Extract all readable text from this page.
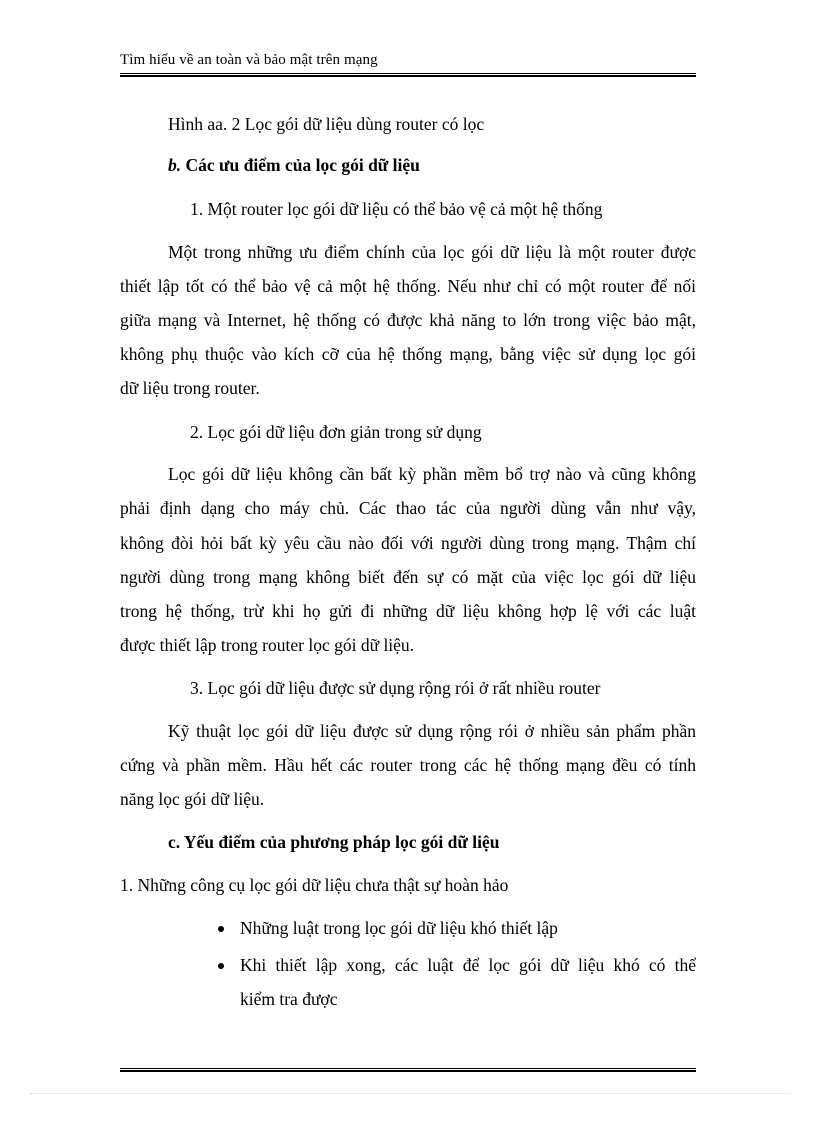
Tìm hiểu về an toàn và bảo mật trên mạng
Hình aa. 2 Lọc gói dữ liệu dùng router có lọc
b. Các ưu điểm của lọc gói dữ liệu
1. Một router lọc gói dữ liệu có thể bảo vệ cả một hệ thống
Một trong những ưu điểm chính của lọc gói dữ liệu là một router được
thiết lập tốt có thể bảo vệ cả một hệ thống. Nếu như chỉ có một router để nối
giữa mạng và Internet, hệ thống có được khả năng to lớn trong việc bảo mật,
không phụ thuộc vào kích cỡ của hệ thống mạng, bằng việc sử dụng lọc gói
dữ liệu trong router.
2. Lọc gói dữ liệu đơn giản trong sử dụng
Lọc gói dữ liệu không cần bất kỳ phần mềm bổ trợ nào và cũng không
phải định dạng cho máy chủ. Các thao tác của người dùng vẫn như vậy,
không đòi hỏi bất kỳ yêu cầu nào đối với người dùng trong mạng. Thậm chí
người dùng trong mạng không biết đến sự có mặt của việc lọc gói dữ liệu
trong hệ thống, trừ khi họ gửi đi những dữ liệu không hợp lệ với các luật
được thiết lập trong router lọc gói dữ liệu.
3. Lọc gói dữ liệu được sử dụng rộng rói ở rất nhiều router
Kỹ thuật lọc gói dữ liệu được sử dụng rộng rói ở nhiều sản phẩm phần
cứng và phần mềm. Hầu hết các router trong các hệ thống mạng đều có tính
năng lọc gói dữ liệu.
c. Yếu điểm của phương pháp lọc gói dữ liệu
1. Những công cụ lọc gói dữ liệu chưa thật sự hoàn hảo
Những luật trong lọc gói dữ liệu khó thiết lập
Khi thiết lập xong, các luật để lọc gói dữ liệu khó có thể
kiểm tra được
